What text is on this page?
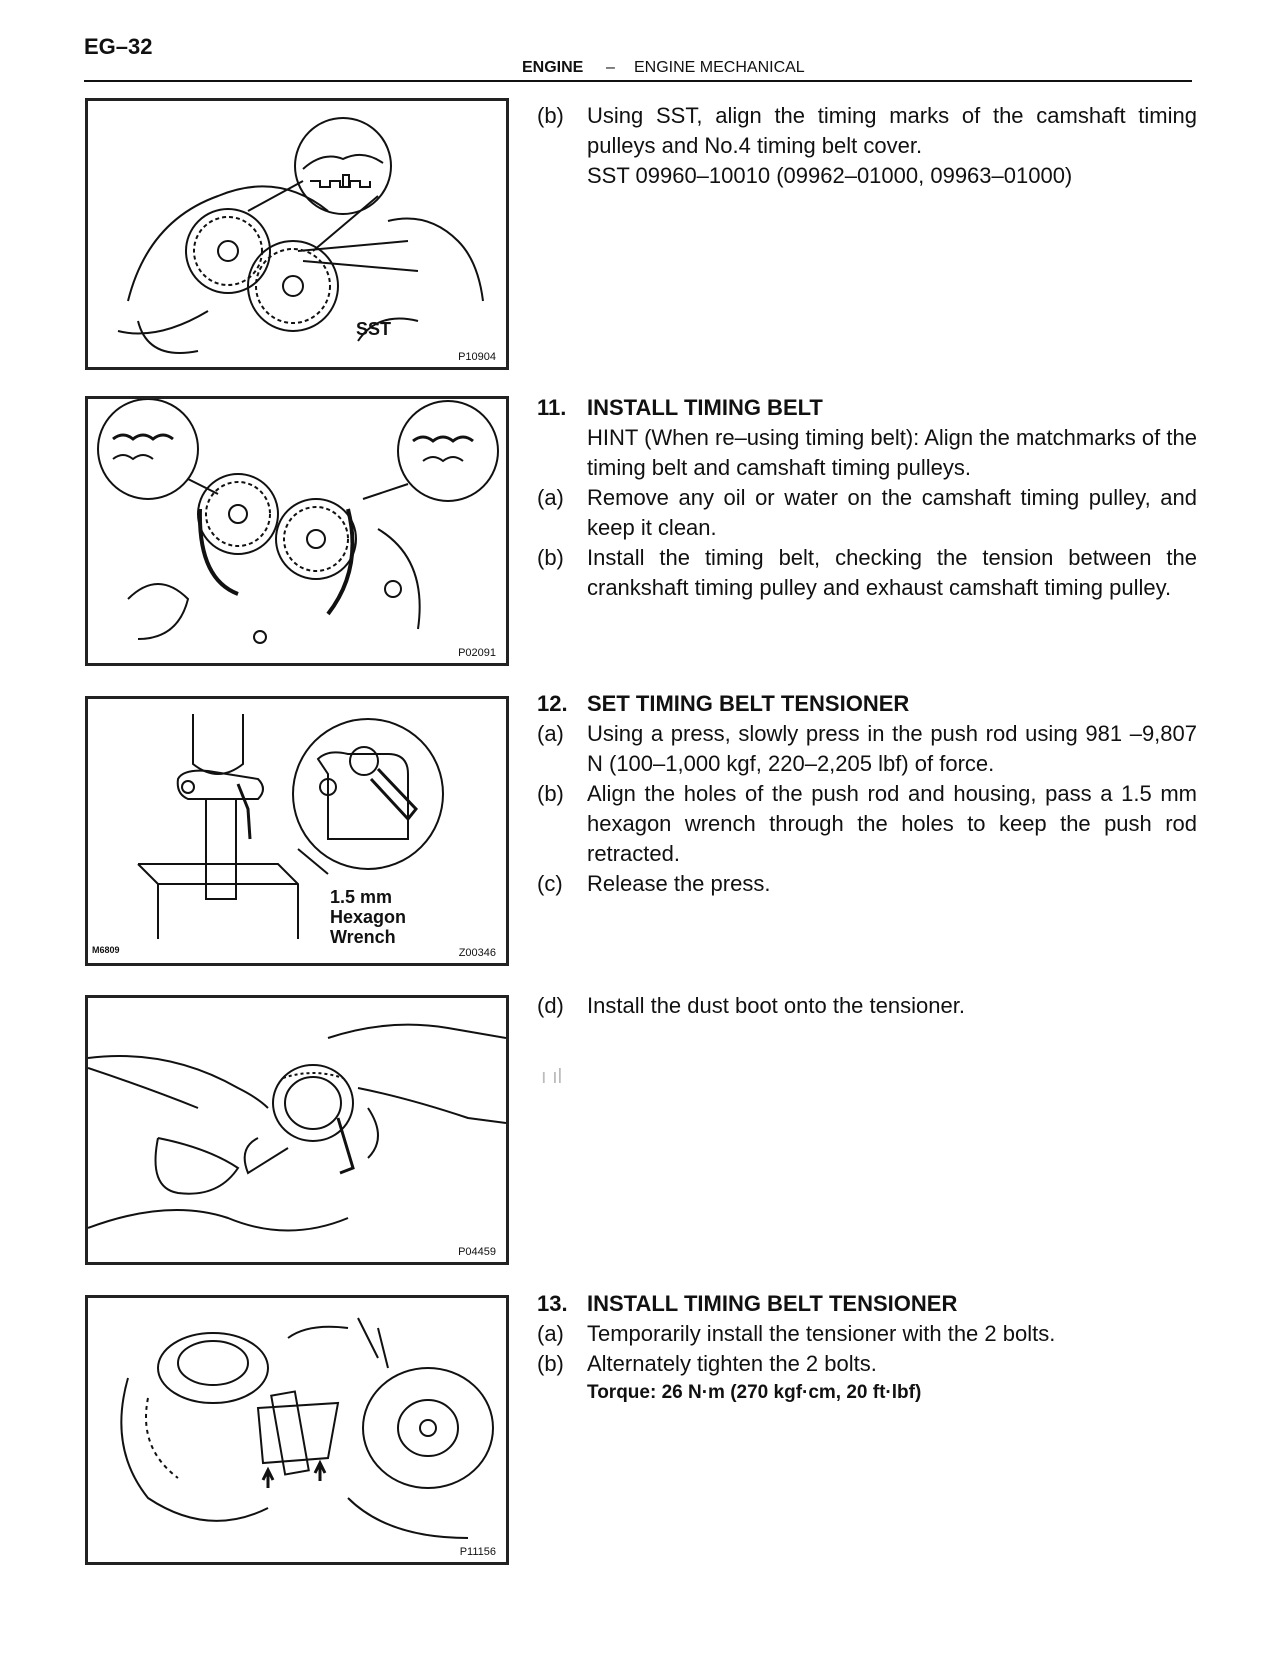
EG–32
ENGINE – ENGINE MECHANICAL
SST
P10904
P02091
1.5 mm
Hexagon
Wrench
M6809	Z00346
P04459
P11156
(b) Using SST, align the timing marks of the camshaft timing pulleys and No.4 timing belt cover.
SST 09960–10010 (09962–01000, 09963–01000)
11. INSTALL TIMING BELT
HINT (When re–using timing belt): Align the matchmarks of the timing belt and camshaft timing pulleys.
(a) Remove any oil or water on the camshaft timing pulley, and keep it clean.
(b) Install the timing belt, checking the tension between the crankshaft timing pulley and exhaust camshaft timing pulley.
12. SET TIMING BELT TENSIONER
(a) Using a press, slowly press in the push rod using 981 –9,807 N (100–1,000 kgf, 220–2,205 lbf) of force.
(b) Align the holes of the push rod and housing, pass a 1.5 mm hexagon wrench through the holes to keep the push rod retracted.
(c) Release the press.
(d) Install the dust boot onto the tensioner.
ı ıl
13. INSTALL TIMING BELT TENSIONER
(a) Temporarily install the tensioner with the 2 bolts.
(b) Alternately tighten the 2 bolts.
Torque: 26 N·m (270 kgf·cm, 20 ft·lbf)
